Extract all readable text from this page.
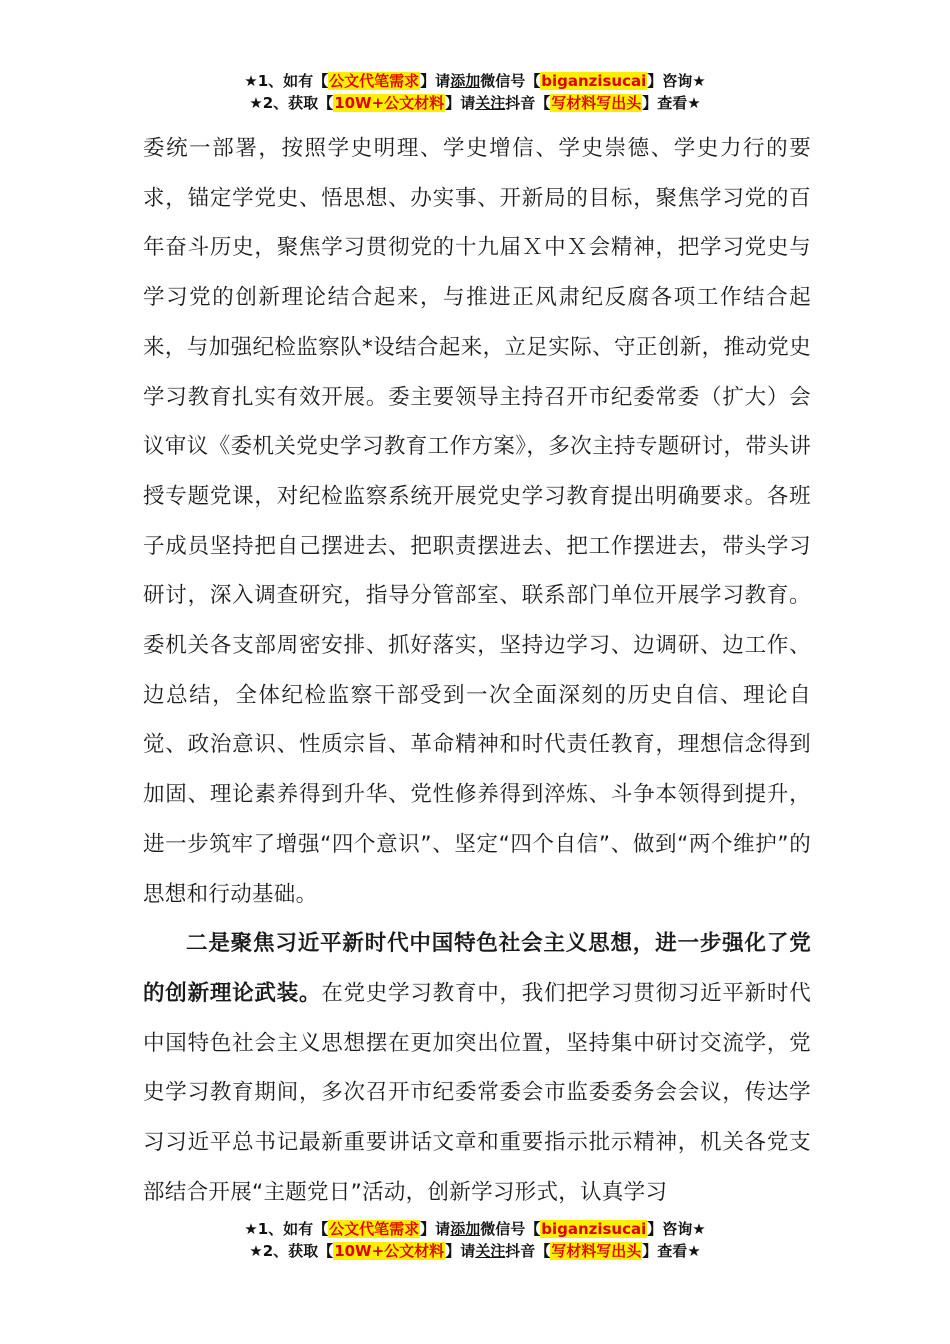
★1、如有【公文代笔需求】请添加微信号【biganzisucai】咨询★
★2、获取【10W+公文材料】请关注抖音【写材料写出头】查看★

委统一部署，按照学史明理、学史增信、学史崇德、学史力行的要求，锚定学党史、悟思想、办实事、开新局的目标，聚焦学习党的百年奋斗历史，聚焦学习贯彻党的十九届Ｘ中Ｘ会精神，把学习党史与学习党的创新理论结合起来，与推进正风肃纪反腐各项工作结合起来，与加强纪检监察队*设结合起来，立足实际、守正创新，推动党史学习教育扎实有效开展。委主要领导主持召开市纪委常委（扩大）会议审议《委机关党史学习教育工作方案》，多次主持专题研讨，带头讲授专题党课，对纪检监察系统开展党史学习教育提出明确要求。各班子成员坚持把自己摆进去、把职责摆进去、把工作摆进去，带头学习研讨，深入调查研究，指导分管部室、联系部门单位开展学习教育。委机关各支部周密安排、抓好落实，坚持边学习、边调研、边工作、边总结，全体纪检监察干部受到一次全面深刻的历史自信、理论自觉、政治意识、性质宗旨、革命精神和时代责任教育，理想信念得到加固、理论素养得到升华、党性修养得到淬炼、斗争本领得到提升，进一步筑牢了增强“四个意识”、坚定“四个自信”、做到“两个维护”的思想和行动基础。

二是聚焦习近平新时代中国特色社会主义思想，进一步强化了党的创新理论武装。在党史学习教育中，我们把学习贯彻习近平新时代中国特色社会主义思想摆在更加突出位置，坚持集中研讨交流学，党史学习教育期间，多次召开市纪委常委会市监委委务会会议，传达学习习近平总书记最新重要讲话文章和重要指示批示精神，机关各党支部结合开展“主题党日”活动，创新学习形式，认真学习

★1、如有【公文代笔需求】请添加微信号【biganzisucai】咨询★
★2、获取【10W+公文材料】请关注抖音【写材料写出头】查看★
